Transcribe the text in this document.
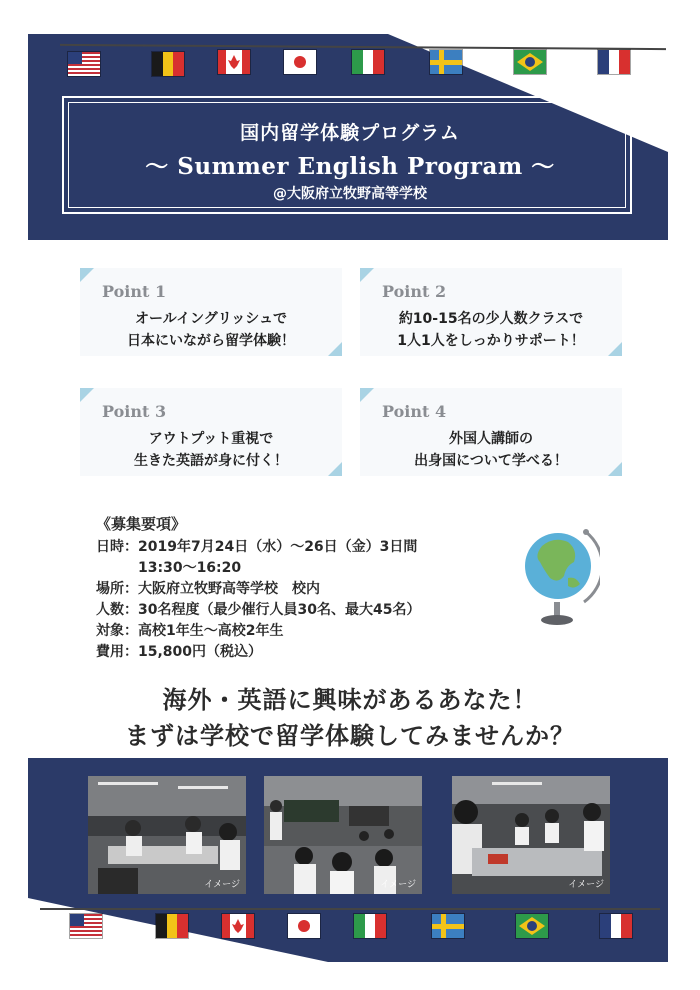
国内留学体験プログラム
～ Summer English Program ～
@大阪府立牧野高等学校
Point 1
オールイングリッシュで
日本にいながら留学体験！
Point 2
約10-15名の少人数クラスで
1人1人をしっかりサポート！
Point 3
アウトプット重視で
生きた英語が身に付く！
Point 4
外国人講師の
出身国について学べる！
《募集要項》
日時：2019年7月24日（水）～26日（金）3日間
　　　13:30～16:20
場所：大阪府立牧野高等学校　校内
人数：30名程度（最少催行人員30名、最大45名）
対象：高校1年生～高校2年生
費用：15,800円（税込）
海外・英語に興味があるあなた！
まずは学校で留学体験してみませんか？
イメージ	イメージ	イメージ
